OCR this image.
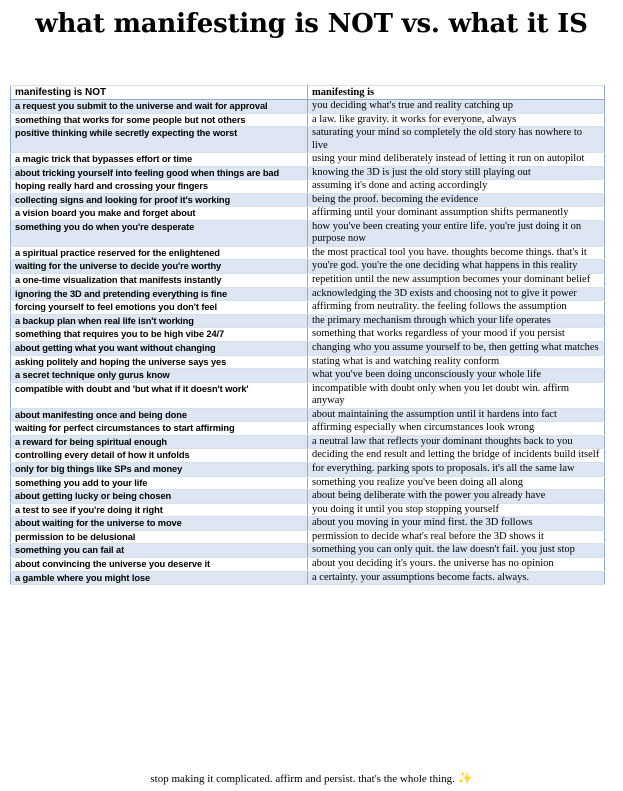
what manifesting is NOT vs. what it IS
manifesting is NOT	manifesting is
a request you submit to the universe and wait for approval	you deciding what's true and reality catching up
something that works for some people but not others	a law. like gravity. it works for everyone, always
positive thinking while secretly expecting the worst	saturating your mind so completely the old story has nowhere to live
a magic trick that bypasses effort or time	using your mind deliberately instead of letting it run on autopilot
about tricking yourself into feeling good when things are bad	knowing the 3D is just the old story still playing out
hoping really hard and crossing your fingers	assuming it's done and acting accordingly
collecting signs and looking for proof it's working	being the proof. becoming the evidence
a vision board you make and forget about	affirming until your dominant assumption shifts permanently
something you do when you're desperate	how you've been creating your entire life. you're just doing it on purpose now
a spiritual practice reserved for the enlightened	the most practical tool you have. thoughts become things. that's it
waiting for the universe to decide you're worthy	you're god. you're the one deciding what happens in this reality
a one-time visualization that manifests instantly	repetition until the new assumption becomes your dominant belief
ignoring the 3D and pretending everything is fine	acknowledging the 3D exists and choosing not to give it power
forcing yourself to feel emotions you don't feel	affirming from neutrality. the feeling follows the assumption
a backup plan when real life isn't working	the primary mechanism through which your life operates
something that requires you to be high vibe 24/7	something that works regardless of your mood if you persist
about getting what you want without changing	changing who you assume yourself to be, then getting what matches
asking politely and hoping the universe says yes	stating what is and watching reality conform
a secret technique only gurus know	what you've been doing unconsciously your whole life
compatible with doubt and 'but what if it doesn't work'	incompatible with doubt only when you let doubt win. affirm anyway
about manifesting once and being done	about maintaining the assumption until it hardens into fact
waiting for perfect circumstances to start affirming	affirming especially when circumstances look wrong
a reward for being spiritual enough	a neutral law that reflects your dominant thoughts back to you
controlling every detail of how it unfolds	deciding the end result and letting the bridge of incidents build itself
only for big things like SPs and money	for everything. parking spots to proposals. it's all the same law
something you add to your life	something you realize you've been doing all along
about getting lucky or being chosen	about being deliberate with the power you already have
a test to see if you're doing it right	you doing it until you stop stopping yourself
about waiting for the universe to move	about you moving in your mind first. the 3D follows
permission to be delusional	permission to decide what's real before the 3D shows it
something you can fail at	something you can only quit. the law doesn't fail. you just stop
about convincing the universe you deserve it	about you deciding it's yours. the universe has no opinion
a gamble where you might lose	a certainty. your assumptions become facts. always.
stop making it complicated. affirm and persist. that's the whole thing. ✨
